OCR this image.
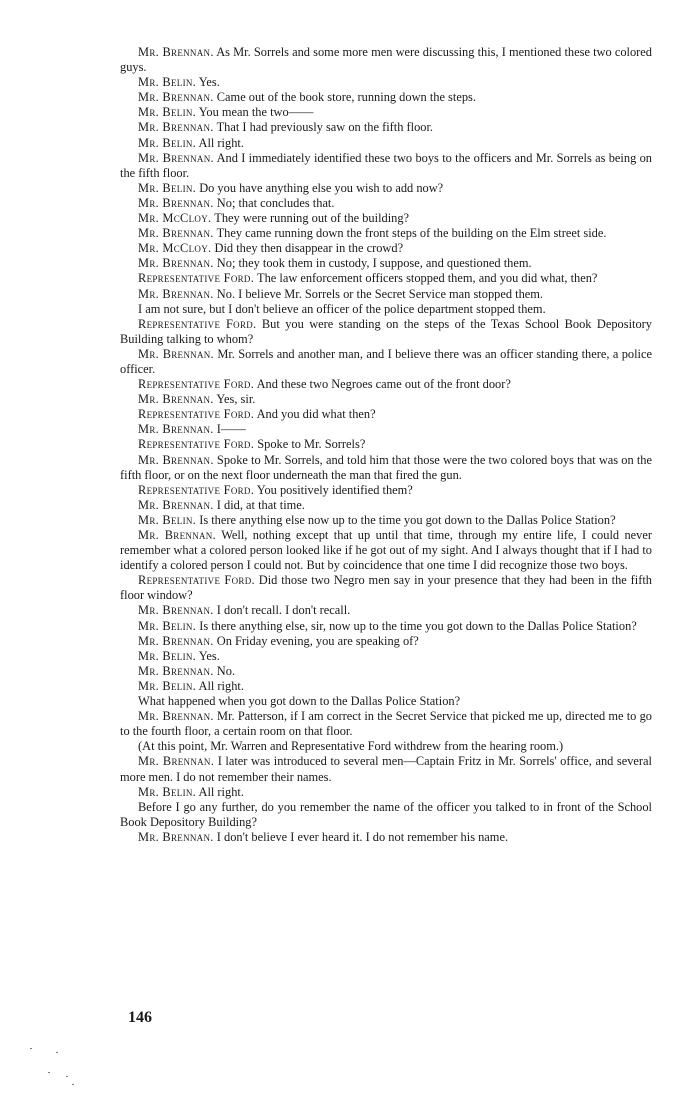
Mr. Brennan. As Mr. Sorrels and some more men were discussing this, I mentioned these two colored guys.

Mr. Belin. Yes.

Mr. Brennan. Came out of the book store, running down the steps.

Mr. Belin. You mean the two——

Mr. Brennan. That I had previously saw on the fifth floor.

Mr. Belin. All right.

Mr. Brennan. And I immediately identified these two boys to the officers and Mr. Sorrels as being on the fifth floor.

Mr. Belin. Do you have anything else you wish to add now?

Mr. Brennan. No; that concludes that.

Mr. McCloy. They were running out of the building?

Mr. Brennan. They came running down the front steps of the building on the Elm street side.

Mr. McCloy. Did they then disappear in the crowd?

Mr. Brennan. No; they took them in custody, I suppose, and questioned them.

Representative Ford. The law enforcement officers stopped them, and you did what, then?

Mr. Brennan. No. I believe Mr. Sorrels or the Secret Service man stopped them.

I am not sure, but I don't believe an officer of the police department stopped them.

Representative Ford. But you were standing on the steps of the Texas School Book Depository Building talking to whom?

Mr. Brennan. Mr. Sorrels and another man, and I believe there was an officer standing there, a police officer.

Representative Ford. And these two Negroes came out of the front door?

Mr. Brennan. Yes, sir.

Representative Ford. And you did what then?

Mr. Brennan. I——

Representative Ford. Spoke to Mr. Sorrels?

Mr. Brennan. Spoke to Mr. Sorrels, and told him that those were the two colored boys that was on the fifth floor, or on the next floor underneath the man that fired the gun.

Representative Ford. You positively identified them?

Mr. Brennan. I did, at that time.

Mr. Belin. Is there anything else now up to the time you got down to the Dallas Police Station?

Mr. Brennan. Well, nothing except that up until that time, through my entire life, I could never remember what a colored person looked like if he got out of my sight. And I always thought that if I had to identify a colored person I could not. But by coincidence that one time I did recognize those two boys.

Representative Ford. Did those two Negro men say in your presence that they had been in the fifth floor window?

Mr. Brennan. I don't recall. I don't recall.

Mr. Belin. Is there anything else, sir, now up to the time you got down to the Dallas Police Station?

Mr. Brennan. On Friday evening, you are speaking of?

Mr. Belin. Yes.

Mr. Brennan. No.

Mr. Belin. All right.

What happened when you got down to the Dallas Police Station?

Mr. Brennan. Mr. Patterson, if I am correct in the Secret Service that picked me up, directed me to go to the fourth floor, a certain room on that floor.

(At this point, Mr. Warren and Representative Ford withdrew from the hearing room.)

Mr. Brennan. I later was introduced to several men—Captain Fritz in Mr. Sorrels' office, and several more men. I do not remember their names.

Mr. Belin. All right.

Before I go any further, do you remember the name of the officer you talked to in front of the School Book Depository Building?

Mr. Brennan. I don't believe I ever heard it. I do not remember his name.

146
